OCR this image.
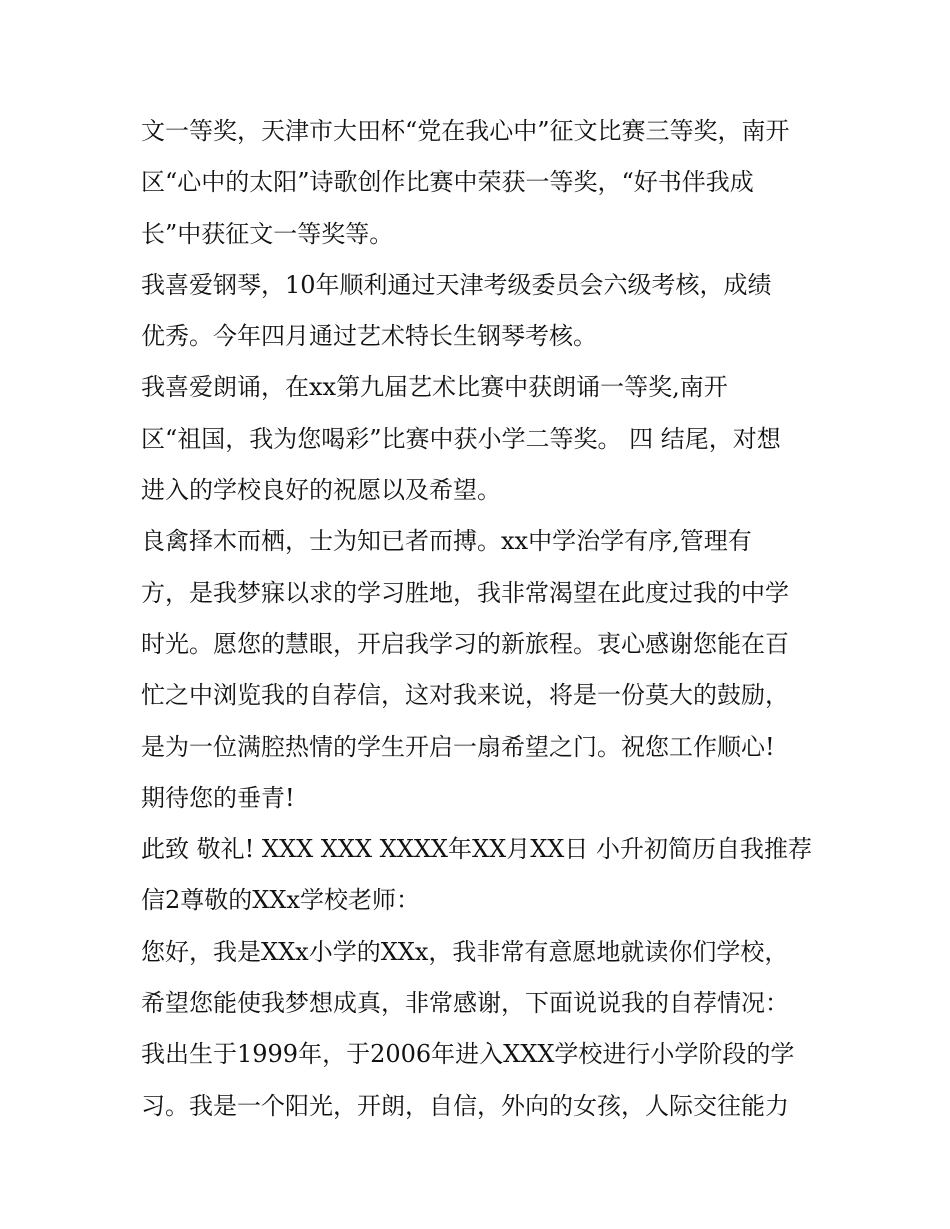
文一等奖，天津市大田杯“党在我心中”征文比赛三等奖，南开
区“心中的太阳”诗歌创作比赛中荣获一等奖，“好书伴我成
长”中获征文一等奖等。
我喜爱钢琴，10年顺利通过天津考级委员会六级考核，成绩
优秀。今年四月通过艺术特长生钢琴考核。
我喜爱朗诵，在xx第九届艺术比赛中获朗诵一等奖,南开
区“祖国，我为您喝彩”比赛中获小学二等奖。 四 结尾，对想
进入的学校良好的祝愿以及希望。
良禽择木而栖，士为知已者而搏。xx中学治学有序,管理有
方，是我梦寐以求的学习胜地，我非常渴望在此度过我的中学
时光。愿您的慧眼，开启我学习的新旅程。衷心感谢您能在百
忙之中浏览我的自荐信，这对我来说，将是一份莫大的鼓励，
是为一位满腔热情的学生开启一扇希望之门。祝您工作顺心!
期待您的垂青!
此致 敬礼! XXX XXX XXXX年XX月XX日 小升初简历自我推荐
信2尊敬的XXx学校老师：
您好，我是XXx小学的XXx，我非常有意愿地就读你们学校，
希望您能使我梦想成真，非常感谢，下面说说我的自荐情况：
我出生于1999年，于2006年进入XXX学校进行小学阶段的学
习。我是一个阳光，开朗，自信，外向的女孩，人际交往能力
